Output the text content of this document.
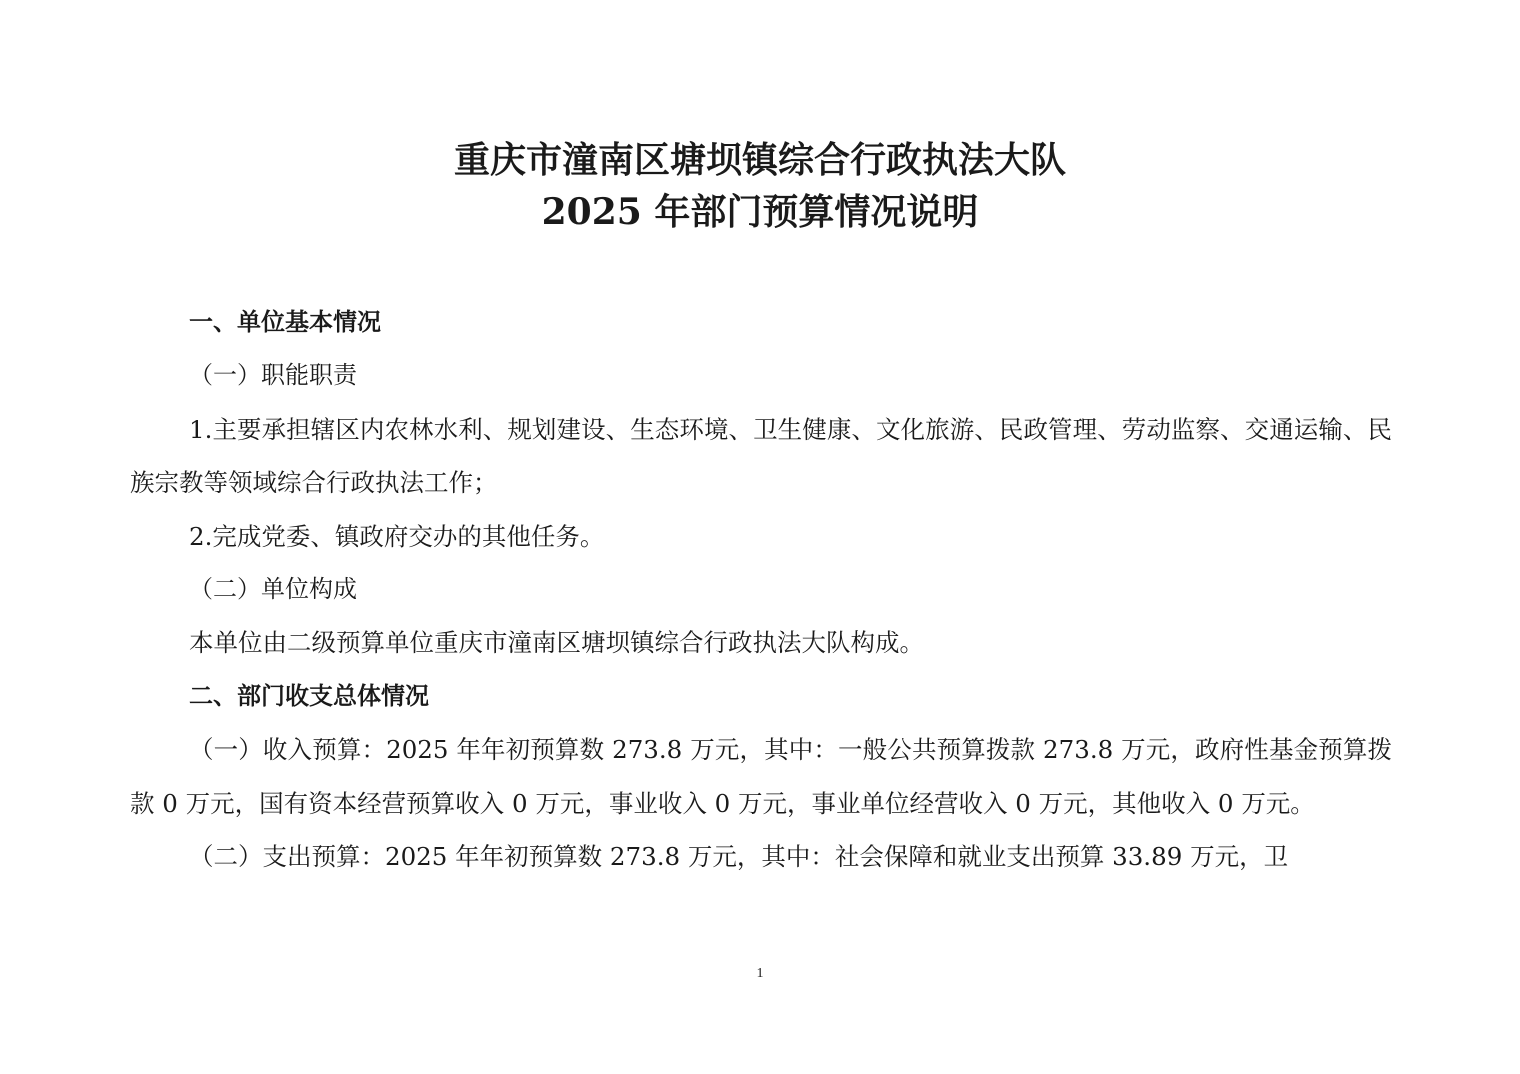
重庆市潼南区塘坝镇综合行政执法大队
2025 年部门预算情况说明

一、单位基本情况

（一）职能职责

1.主要承担辖区内农林水利、规划建设、生态环境、卫生健康、文化旅游、民政管理、劳动监察、交通运输、民族宗教等领域综合行政执法工作；

2.完成党委、镇政府交办的其他任务。

（二）单位构成

本单位由二级预算单位重庆市潼南区塘坝镇综合行政执法大队构成。

二、部门收支总体情况

（一）收入预算：2025 年年初预算数 273.8 万元，其中：一般公共预算拨款 273.8 万元，政府性基金预算拨款 0 万元，国有资本经营预算收入 0 万元，事业收入 0 万元，事业单位经营收入 0 万元，其他收入 0 万元。

（二）支出预算：2025 年年初预算数 273.8 万元，其中：社会保障和就业支出预算 33.89 万元，卫

1
